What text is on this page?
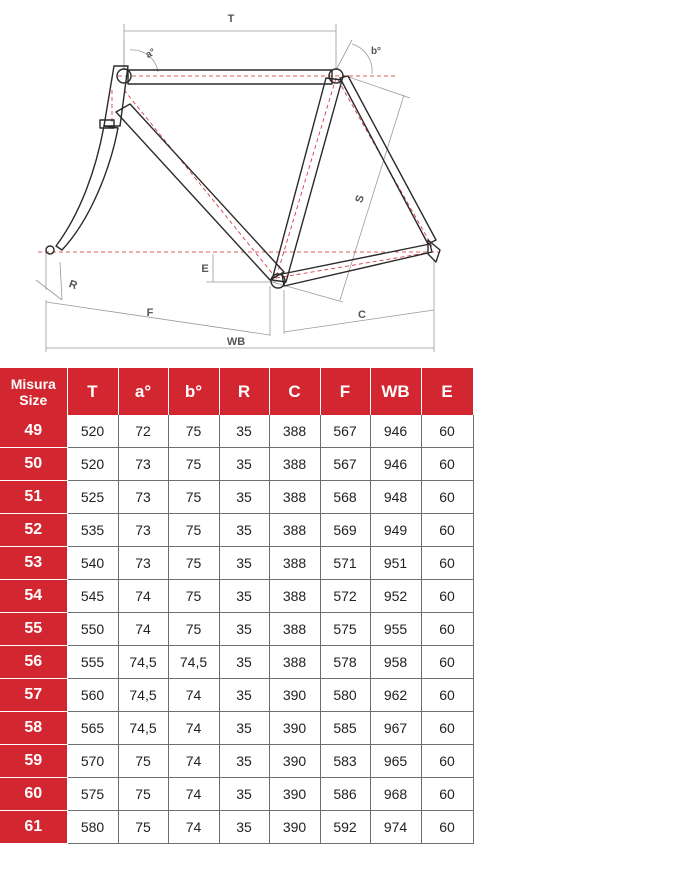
T
a°	b°
S
E
R
F	C
WB
Misura
Size	T	a°	b°	R	C	F	WB	E
49	520	72	75	35	388	567	946	60
50	520	73	75	35	388	567	946	60
51	525	73	75	35	388	568	948	60
52	535	73	75	35	388	569	949	60
53	540	73	75	35	388	571	951	60
54	545	74	75	35	388	572	952	60
55	550	74	75	35	388	575	955	60
56	555	74,5	74,5	35	388	578	958	60
57	560	74,5	74	35	390	580	962	60
58	565	74,5	74	35	390	585	967	60
59	570	75	74	35	390	583	965	60
60	575	75	74	35	390	586	968	60
61	580	75	74	35	390	592	974	60
